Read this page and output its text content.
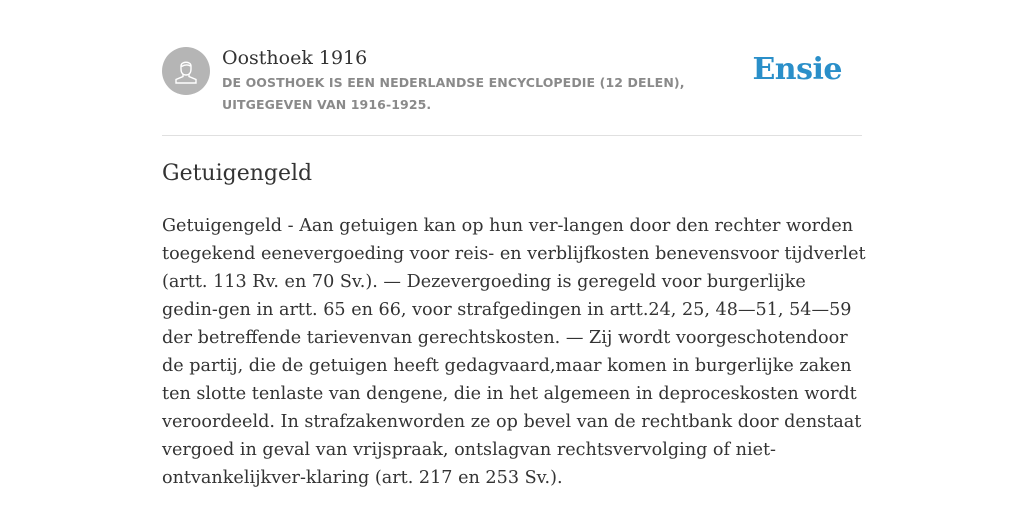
Oosthoek 1916

DE OOSTHOEK IS EEN NEDERLANDSE ENCYCLOPEDIE (12 DELEN), UITGEGEVEN VAN 1916-1925.

Ensie
Getuigengeld

Getuigengeld - Aan getuigen kan op hun ver-langen door den rechter worden toegekend eenevergoeding voor reis- en verblijfkosten benevensvoor tijdverlet (artt. 113 Rv. en 70 Sv.). — Dezevergoeding is geregeld voor burgerlijke gedin-gen in artt. 65 en 66, voor strafgedingen in artt.24, 25, 48—51, 54—59 der betreffende tarievenvan gerechtskosten. — Zij wordt voorgeschotendoor de partij, die de getuigen heeft gedagvaard,maar komen in burgerlijke zaken ten slotte tenlaste van dengene, die in het algemeen in deproceskosten wordt veroordeeld. In strafzakenworden ze op bevel van de rechtbank door denstaat vergoed in geval van vrijspraak, ontslagvan rechtsvervolging of niet-ontvankelijkver-klaring (art. 217 en 253 Sv.).
